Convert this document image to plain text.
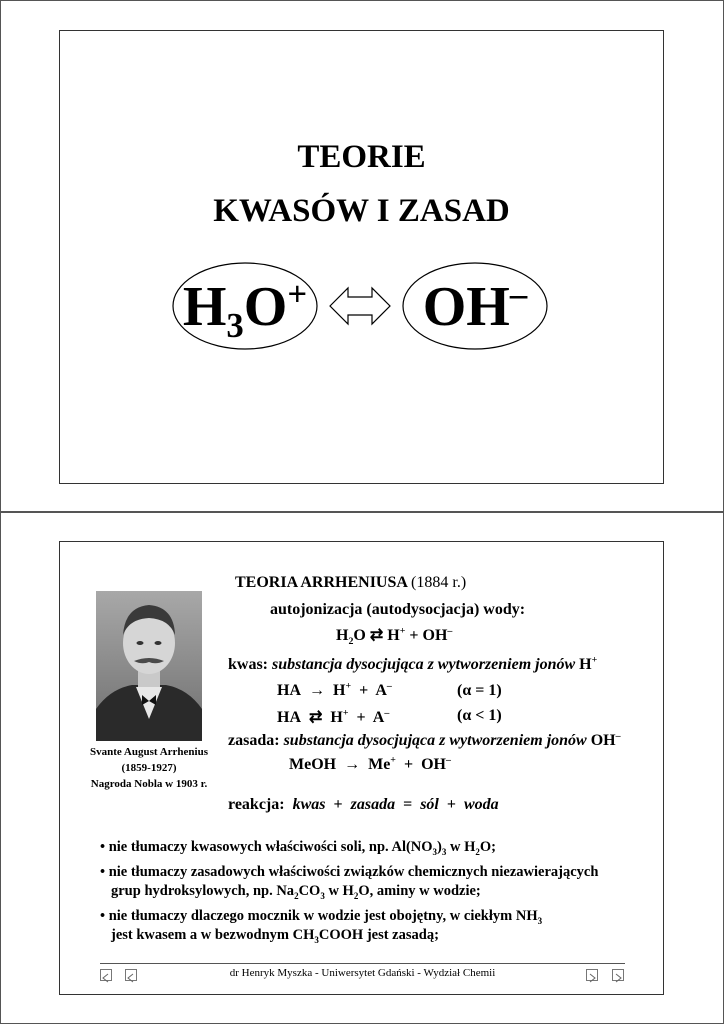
TEORIE
KWASÓW I ZASAD
$H_3O^+$	OH–
TEORIA ARRHENIUSA (1884 r.)
autojonizacja (autodysocjacja) wody:
$H_2O$ ⇄ H+ + OH–
kwas: substancja dysocjująca z wytworzeniem jonów H+
HA → H+ + A–	(α = 1)
HA ⇄ H+ + A–	(α < 1)
zasada: substancja dysocjująca z wytworzeniem jonów OH–
MeOH → Me+ + OH–
reakcja: kwas + zasada = sól + woda
Svante August Arrhenius
(1859-1927)
Nagroda Nobla w 1903 r.
• nie tłumaczy kwasowych właściwości soli, np. $Al(NO_3)_3$ w $H_2O$;
• nie tłumaczy zasadowych właściwości związków chemicznych niezawierających
grup hydroksylowych, np. $Na_2CO_3$ w $H_2O$, aminy w wodzie;
• nie tłumaczy dlaczego mocznik w wodzie jest obojętny, w ciekłym $NH_3$
jest kwasem a w bezwodnym $CH_3COOH$ jest zasadą;
dr Henryk Myszka - Uniwersytet Gdański - Wydział Chemii
